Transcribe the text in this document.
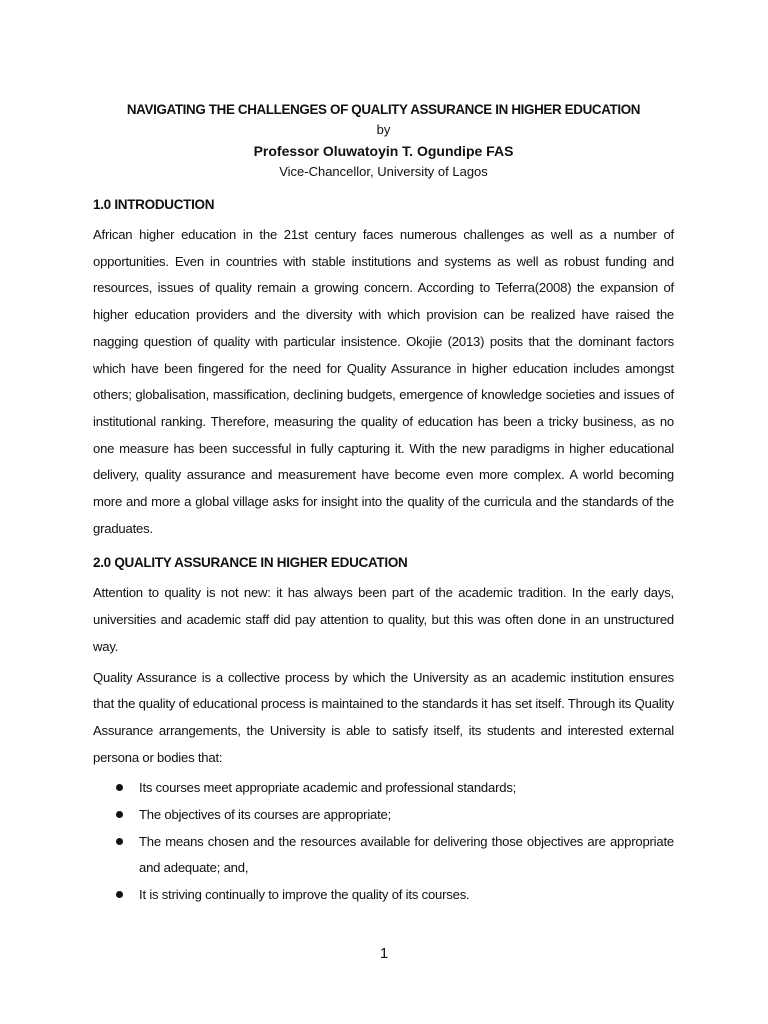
NAVIGATING THE CHALLENGES OF QUALITY ASSURANCE IN HIGHER EDUCATION

by

Professor Oluwatoyin T. Ogundipe FAS

Vice-Chancellor, University of Lagos

1.0 INTRODUCTION

African higher education in the 21st century faces numerous challenges as well as a number of opportunities. Even in countries with stable institutions and systems as well as robust funding and resources, issues of quality remain a growing concern. According to Teferra(2008) the expansion of higher education providers and the diversity with which provision can be realized have raised the nagging question of quality with particular insistence. Okojie (2013) posits that the dominant factors which have been fingered for the need for Quality Assurance in higher education includes amongst others; globalisation, massification, declining budgets, emergence of knowledge societies and issues of institutional ranking. Therefore, measuring the quality of education has been a tricky business, as no one measure has been successful in fully capturing it. With the new paradigms in higher educational delivery, quality assurance and measurement have become even more complex. A world becoming more and more a global village asks for insight into the quality of the curricula and the standards of the graduates.

2.0 QUALITY ASSURANCE IN HIGHER EDUCATION

Attention to quality is not new: it has always been part of the academic tradition. In the early days, universities and academic staff did pay attention to quality, but this was often done in an unstructured way.

Quality Assurance is a collective process by which the University as an academic institution ensures that the quality of educational process is maintained to the standards it has set itself. Through its Quality Assurance arrangements, the University is able to satisfy itself, its students and interested external persona or bodies that:

Its courses meet appropriate academic and professional standards;
The objectives of its courses are appropriate;
The means chosen and the resources available for delivering those objectives are appropriate and adequate; and,
It is striving continually to improve the quality of its courses.
1
